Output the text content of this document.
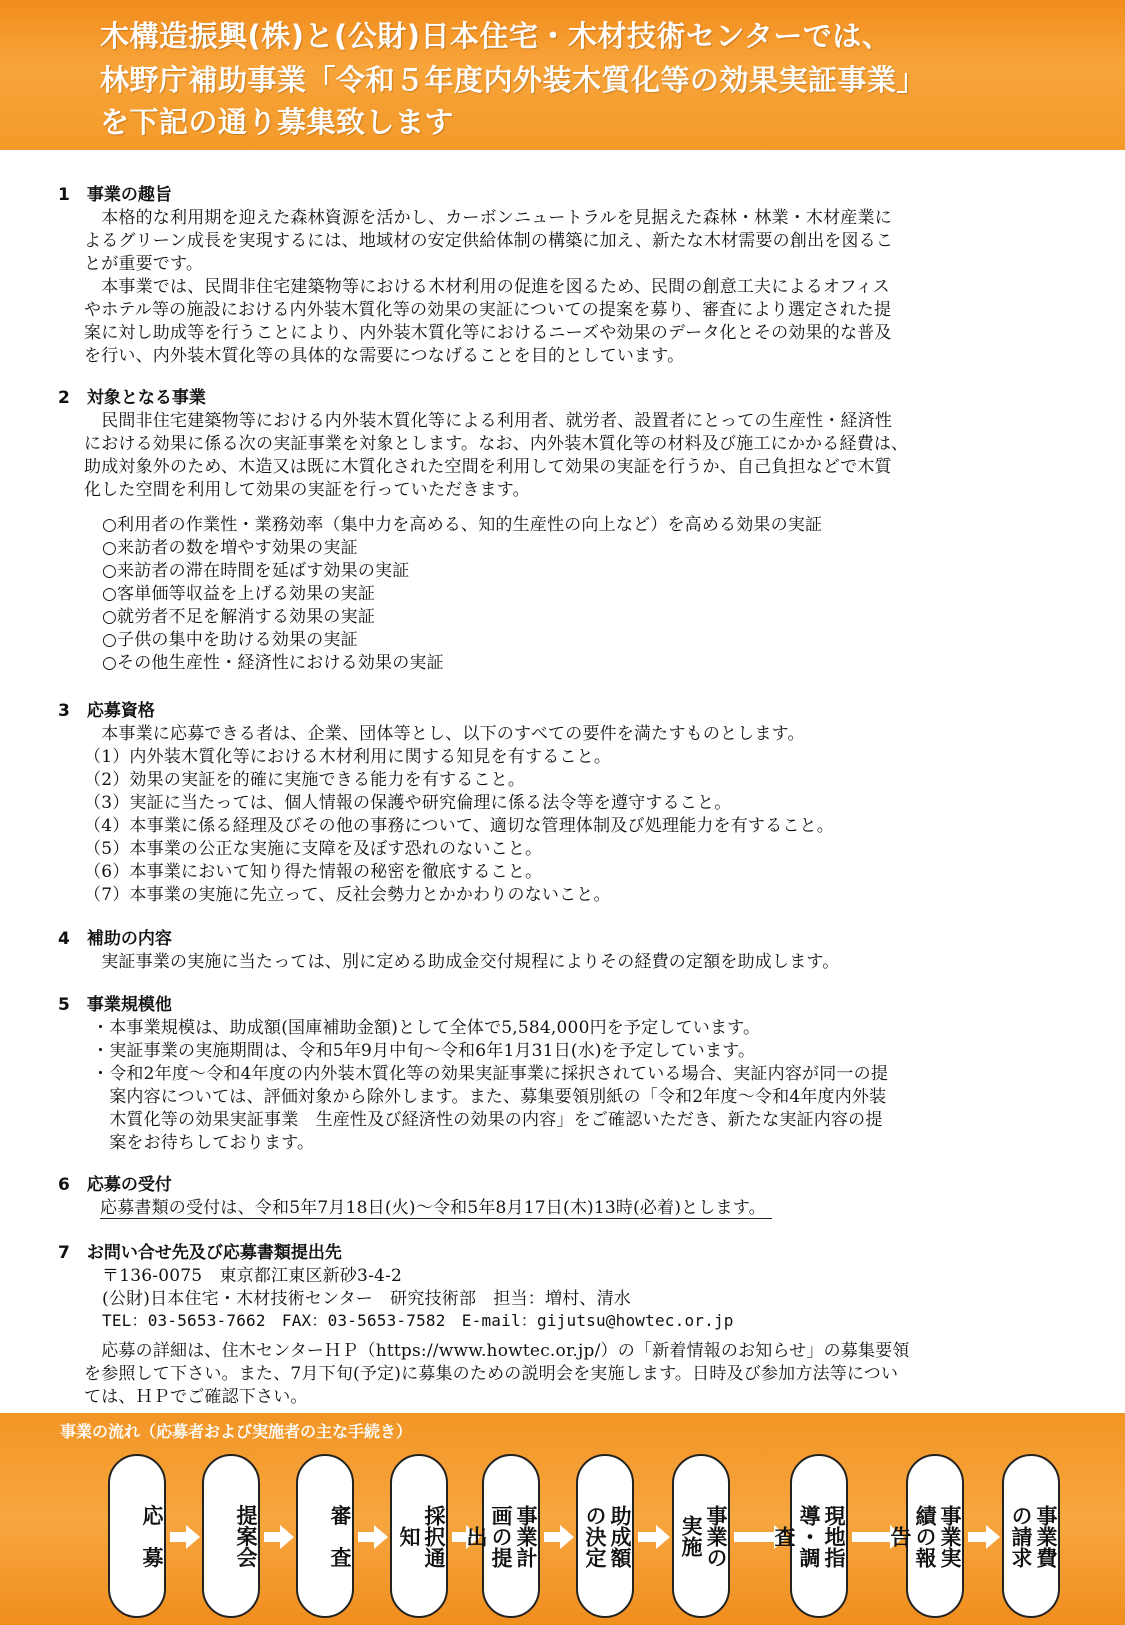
木構造振興(株)と(公財)日本住宅・木材技術センターでは、
林野庁補助事業「令和５年度内外装木質化等の効果実証事業」
を下記の通り募集致します
1　事業の趣旨
　本格的な利用期を迎えた森林資源を活かし、カーボンニュートラルを見据えた森林・林業・木材産業に
よるグリーン成長を実現するには、地域材の安定供給体制の構築に加え、新たな木材需要の創出を図るこ
とが重要です。
　本事業では、民間非住宅建築物等における木材利用の促進を図るため、民間の創意工夫によるオフィス
やホテル等の施設における内外装木質化等の効果の実証についての提案を募り、審査により選定された提
案に対し助成等を行うことにより、内外装木質化等におけるニーズや効果のデータ化とその効果的な普及
を行い、内外装木質化等の具体的な需要につなげることを目的としています。
2　対象となる事業
　民間非住宅建築物等における内外装木質化等による利用者、就労者、設置者にとっての生産性・経済性
における効果に係る次の実証事業を対象とします。なお、内外装木質化等の材料及び施工にかかる経費は、
助成対象外のため、木造又は既に木質化された空間を利用して効果の実証を行うか、自己負担などで木質
化した空間を利用して効果の実証を行っていただきます。
○利用者の作業性・業務効率（集中力を高める、知的生産性の向上など）を高める効果の実証
○来訪者の数を増やす効果の実証
○来訪者の滞在時間を延ばす効果の実証
○客単価等収益を上げる効果の実証
○就労者不足を解消する効果の実証
○子供の集中を助ける効果の実証
○その他生産性・経済性における効果の実証
3　応募資格
　本事業に応募できる者は、企業、団体等とし、以下のすべての要件を満たすものとします。
（1）内外装木質化等における木材利用に関する知見を有すること。
（2）効果の実証を的確に実施できる能力を有すること。
（3）実証に当たっては、個人情報の保護や研究倫理に係る法令等を遵守すること。
（4）本事業に係る経理及びその他の事務について、適切な管理体制及び処理能力を有すること。
（5）本事業の公正な実施に支障を及ぼす恐れのないこと。
（6）本事業において知り得た情報の秘密を徹底すること。
（7）本事業の実施に先立って、反社会勢力とかかわりのないこと。
4　補助の内容
　実証事業の実施に当たっては、別に定める助成金交付規程によりその経費の定額を助成します。
5　事業規模他
・本事業規模は、助成額(国庫補助金額)として全体で5,584,000円を予定しています。
・実証事業の実施期間は、令和5年9月中旬～令和6年1月31日(水)を予定しています。
・令和2年度～令和4年度の内外装木質化等の効果実証事業に採択されている場合、実証内容が同一の提
　案内容については、評価対象から除外します。また、募集要領別紙の「令和2年度～令和4年度内外装
　木質化等の効果実証事業　生産性及び経済性の効果の内容」をご確認いただき、新たな実証内容の提
　案をお待ちしております。
6　応募の受付
応募書類の受付は、令和5年7月18日(火)～令和5年8月17日(木)13時(必着)とします。
7　お問い合せ先及び応募書類提出先
〒136-0075　東京都江東区新砂3-4-2
(公財)日本住宅・木材技術センター　研究技術部　担当：増村、清水
TEL：03-5653-7662　FAX：03-5653-7582　E-mail：gijutsu@howtec.or.jp
　応募の詳細は、住木センターＨＰ（https://www.howtec.or.jp/）の「新着情報のお知らせ」の募集要領
を参照して下さい。また、7月下旬(予定)に募集のための説明会を実施します。日時及び参加方法等につい
ては、ＨＰでご確認下さい。
事業の流れ（応募者および実施者の主な手続き）
応　募	提案会	審　査	採択通知	事業計画の提出	助成額の決定	事業の実施	現地指導・調査	事業実績の報告	事業費の請求
